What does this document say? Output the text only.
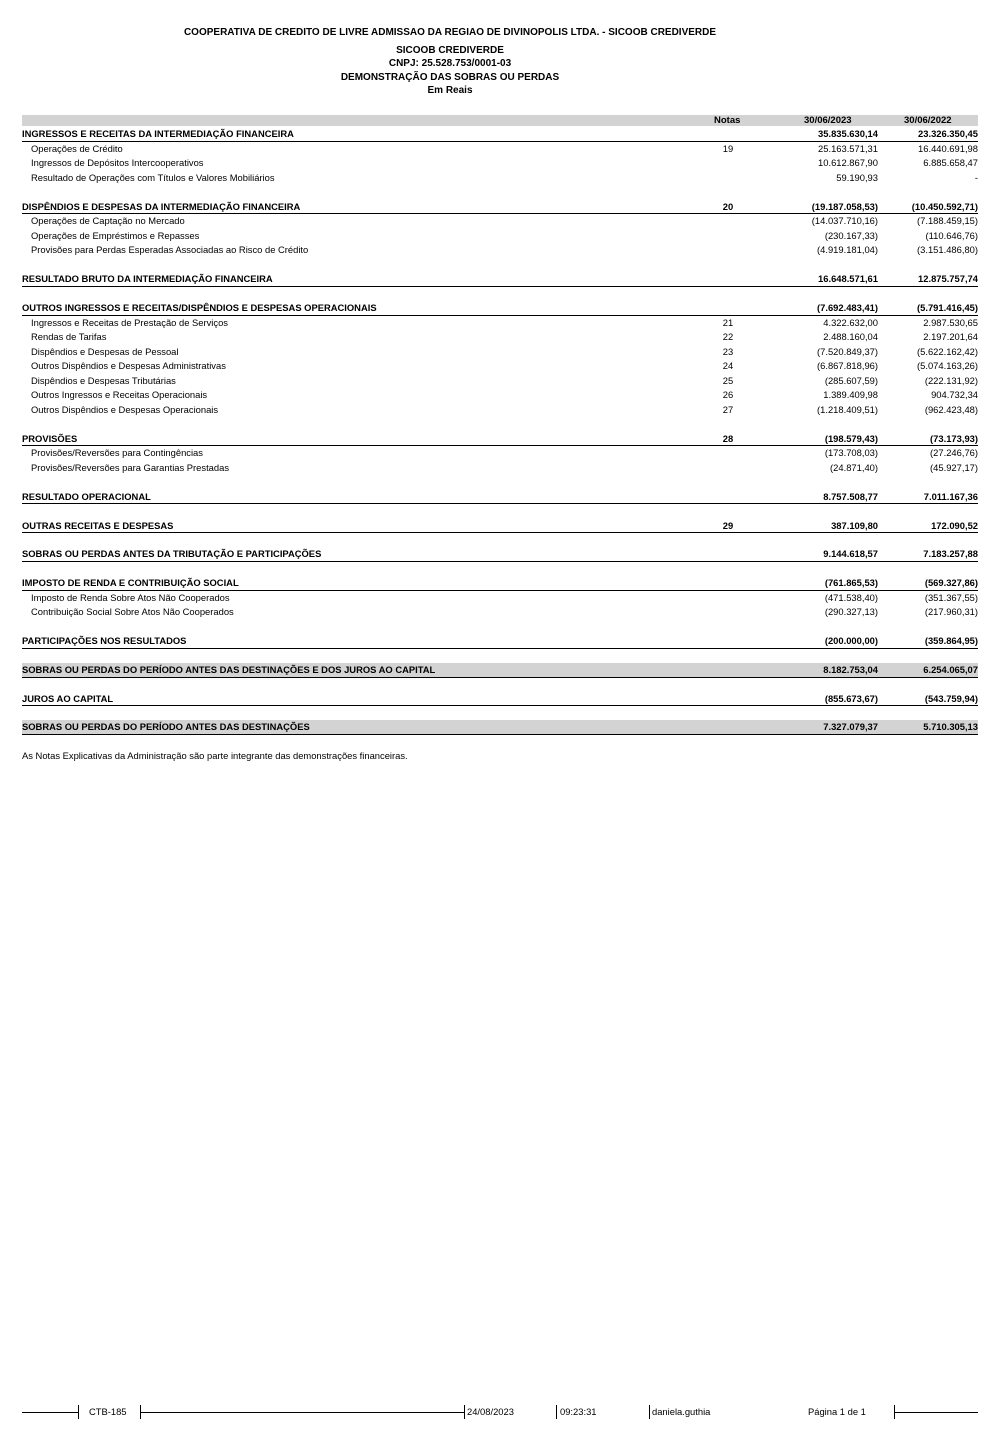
COOPERATIVA DE CREDITO DE LIVRE ADMISSAO DA REGIAO DE DIVINOPOLIS LTDA. - SICOOB CREDIVERDE
SICOOB CREDIVERDE
CNPJ: 25.528.753/0001-03
DEMONSTRAÇÃO DAS SOBRAS OU PERDAS
Em Reais
Notas	30/06/2023	30/06/2022
INGRESSOS E RECEITAS DA INTERMEDIAÇÃO FINANCEIRA	35.835.630,14	23.326.350,45
Operações de Crédito	19	25.163.571,31	16.440.691,98
Ingressos de Depósitos Intercooperativos	10.612.867,90	6.885.658,47
Resultado de Operações com Títulos e Valores Mobiliários	59.190,93	-
DISPÊNDIOS E DESPESAS DA INTERMEDIAÇÃO FINANCEIRA	20	(19.187.058,53)	(10.450.592,71)
Operações de Captação no Mercado	(14.037.710,16)	(7.188.459,15)
Operações de Empréstimos e Repasses	(230.167,33)	(110.646,76)
Provisões para Perdas Esperadas Associadas ao Risco de Crédito	(4.919.181,04)	(3.151.486,80)
RESULTADO BRUTO DA INTERMEDIAÇÃO FINANCEIRA	16.648.571,61	12.875.757,74
OUTROS INGRESSOS E RECEITAS/DISPÊNDIOS E DESPESAS OPERACIONAIS	(7.692.483,41)	(5.791.416,45)
Ingressos e Receitas de Prestação de Serviços	21	4.322.632,00	2.987.530,65
Rendas de Tarifas	22	2.488.160,04	2.197.201,64
Dispêndios e Despesas de Pessoal	23	(7.520.849,37)	(5.622.162,42)
Outros Dispêndios e Despesas Administrativas	24	(6.867.818,96)	(5.074.163,26)
Dispêndios e Despesas Tributárias	25	(285.607,59)	(222.131,92)
Outros Ingressos e Receitas Operacionais	26	1.389.409,98	904.732,34
Outros Dispêndios e Despesas Operacionais	27	(1.218.409,51)	(962.423,48)
PROVISÕES	28	(198.579,43)	(73.173,93)
Provisões/Reversões para Contingências	(173.708,03)	(27.246,76)
Provisões/Reversões para Garantias Prestadas	(24.871,40)	(45.927,17)
RESULTADO OPERACIONAL	8.757.508,77	7.011.167,36
OUTRAS RECEITAS E DESPESAS	29	387.109,80	172.090,52
SOBRAS OU PERDAS ANTES DA TRIBUTAÇÃO E PARTICIPAÇÕES	9.144.618,57	7.183.257,88
IMPOSTO DE RENDA E CONTRIBUIÇÃO SOCIAL	(761.865,53)	(569.327,86)
Imposto de Renda Sobre Atos Não Cooperados	(471.538,40)	(351.367,55)
Contribuição Social Sobre Atos Não Cooperados	(290.327,13)	(217.960,31)
PARTICIPAÇÕES NOS RESULTADOS	(200.000,00)	(359.864,95)
SOBRAS OU PERDAS DO PERÍODO ANTES DAS DESTINAÇÕES E DOS JUROS AO CAPITAL	8.182.753,04	6.254.065,07
JUROS AO CAPITAL	(855.673,67)	(543.759,94)
SOBRAS OU PERDAS DO PERÍODO ANTES DAS DESTINAÇÕES	7.327.079,37	5.710.305,13
As Notas Explicativas da Administração são parte integrante das demonstrações financeiras.
CTB-185	24/08/2023	09:23:31	daniela.guthia	Página 1 de 1
